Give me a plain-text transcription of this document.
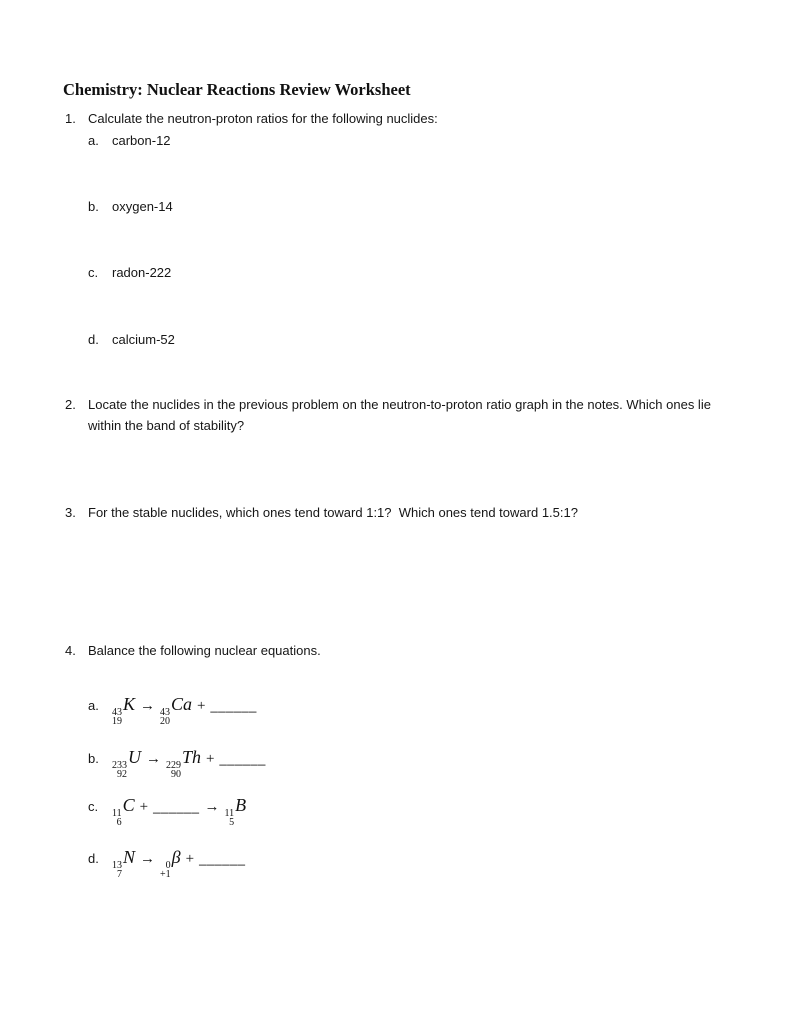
Chemistry: Nuclear Reactions Review Worksheet
1. Calculate the neutron-proton ratios for the following nuclides:
a.	carbon-12
b.	oxygen-14
c.	radon-222
d.	calcium-52
2. Locate the nuclides in the previous problem on the neutron-to-proton ratio graph in the notes. Which ones lie within the band of stability?
3. For the stable nuclides, which ones tend toward 1:1?  Which ones tend toward 1.5:1?
4. Balance the following nuclear equations.
a.	43
19
K → 43
20
Ca + ______
b.	233
92
U → 229
90
Th + ______
c.	11
6
C + ______ → 11
5
B
d.	13
7
N → 0
+1
β + ______
